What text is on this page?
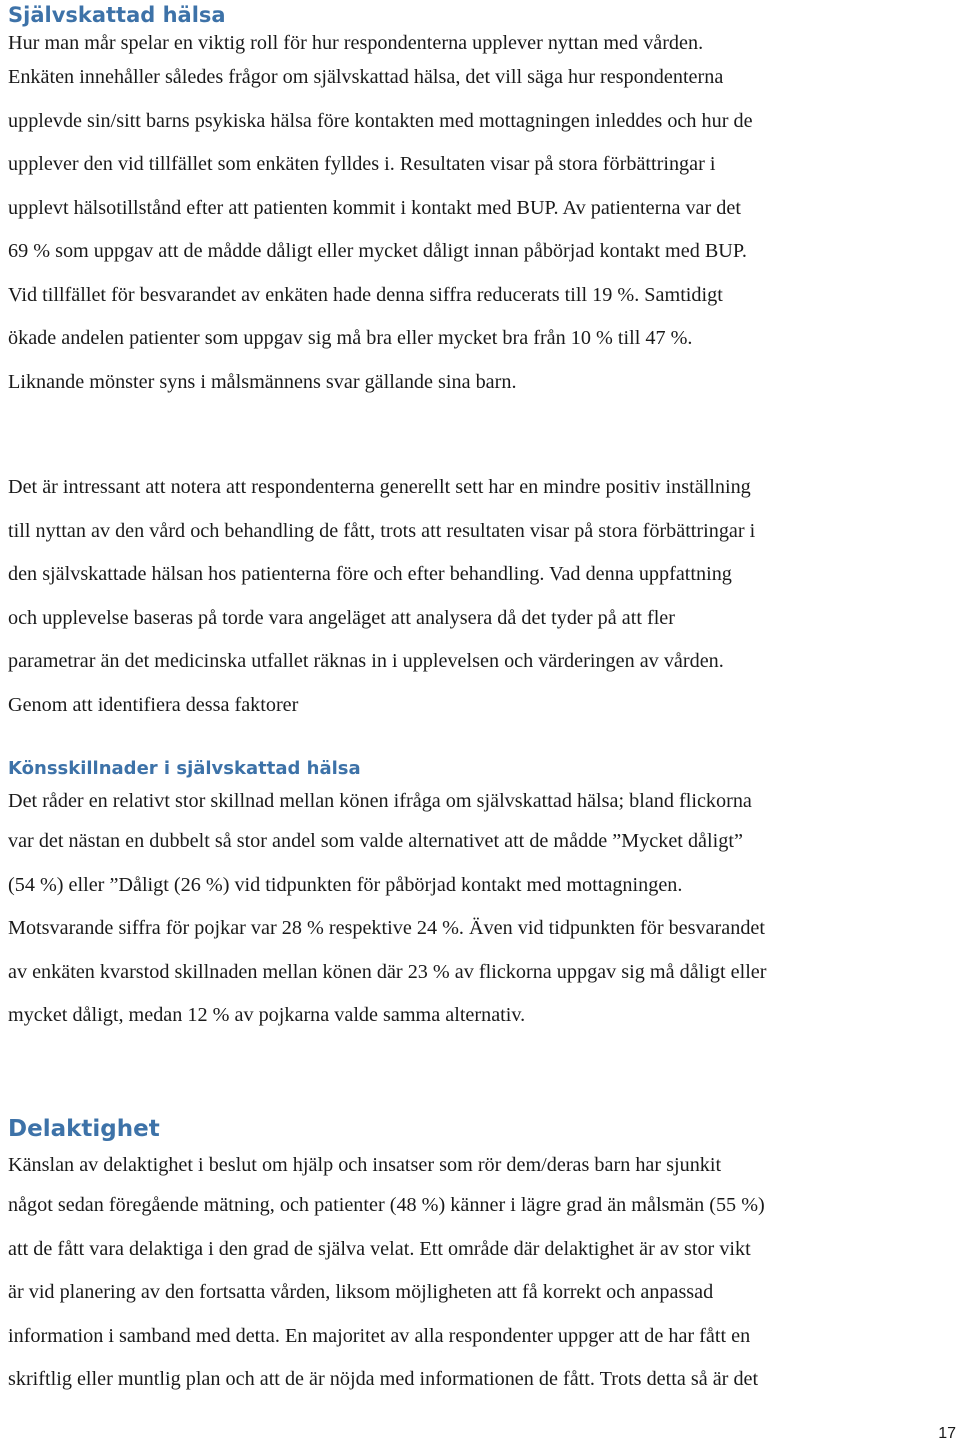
Självskattad hälsa

Hur man mår spelar en viktig roll för hur respondenterna upplever nyttan med vården.

Enkäten innehåller således frågor om självskattad hälsa, det vill säga hur respondenterna

upplevde sin/sitt barns psykiska hälsa före kontakten med mottagningen inleddes och hur de

upplever den vid tillfället som enkäten fylldes i. Resultaten visar på stora förbättringar i

upplevt hälsotillstånd efter att patienten kommit i kontakt med BUP. Av patienterna var det

69 % som uppgav att de mådde dåligt eller mycket dåligt innan påbörjad kontakt med BUP.

Vid tillfället för besvarandet av enkäten hade denna siffra reducerats till 19 %. Samtidigt

ökade andelen patienter som uppgav sig må bra eller mycket bra från 10 % till 47 %.

Liknande mönster syns i målsmännens svar gällande sina barn.

Det är intressant att notera att respondenterna generellt sett har en mindre positiv inställning

till nyttan av den vård och behandling de fått, trots att resultaten visar på stora förbättringar i

den självskattade hälsan hos patienterna före och efter behandling. Vad denna uppfattning

och upplevelse baseras på torde vara angeläget att analysera då det tyder på att fler

parametrar än det medicinska utfallet räknas in i upplevelsen och värderingen av vården.

Genom att identifiera dessa faktorer

Könsskillnader i självskattad hälsa

Det råder en relativt stor skillnad mellan könen ifråga om självskattad hälsa; bland flickorna

var det nästan en dubbelt så stor andel som valde alternativet att de mådde ”Mycket dåligt”

(54 %) eller ”Dåligt (26 %) vid tidpunkten för påbörjad kontakt med mottagningen.

Motsvarande siffra för pojkar var 28 % respektive 24 %. Även vid tidpunkten för besvarandet

av enkäten kvarstod skillnaden mellan könen där 23 % av flickorna uppgav sig må dåligt eller

mycket dåligt, medan 12 % av pojkarna valde samma alternativ.

Delaktighet

Känslan av delaktighet i beslut om hjälp och insatser som rör dem/deras barn har sjunkit

något sedan föregående mätning, och patienter (48 %) känner i lägre grad än målsmän (55 %)

att de fått vara delaktiga i den grad de själva velat. Ett område där delaktighet är av stor vikt

är vid planering av den fortsatta vården, liksom möjligheten att få korrekt och anpassad

information i samband med detta. En majoritet av alla respondenter uppger att de har fått en

skriftlig eller muntlig plan och att de är nöjda med informationen de fått. Trots detta så är det

17
